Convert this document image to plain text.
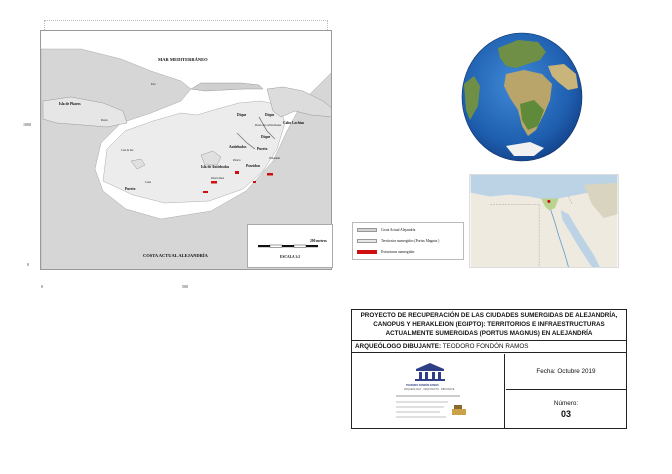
1000
0
0	500
MAR MEDITERRÁNEO
COSTA ACTUAL ALEJANDRÍA
Isla de Pharos
Cabo Lochias
Dique	Dique
Puerto
Dique
Antirhodos
Isla de Antirhodos	Poseidon
Puerto
Faro
Puerto de Lochias Reales
Puerto
Timonium
Casas
Palacio
Palacio Real
Casa de Isis
200 metros
ESCALA 1:2
Costa Actual Alejandría
Territorios sumergidos (Portus Magnus )
Estructuras sumergidas
PROYECTO DE RECUPERACIÓN DE LAS CIUDADES SUMERGIDAS DE ALEJANDRÍA, CANOPUS Y HERAKLEION (EGIPTO): TERRITORIOS E INFRAESTRUCTURAS ACTUALMENTE SUMERGIDAS (PORTUS MAGNUS) EN ALEJANDRÍA
ARQUEÓLOGO DIBUJANTE: TEODORO FONDÓN RAMOS
TEODORO FONDÓN RAMOS
ARQUEÓLOGO · ARQUITECTO · DIBUJANTE
Fecha: Octubre 2019
Número:
03
